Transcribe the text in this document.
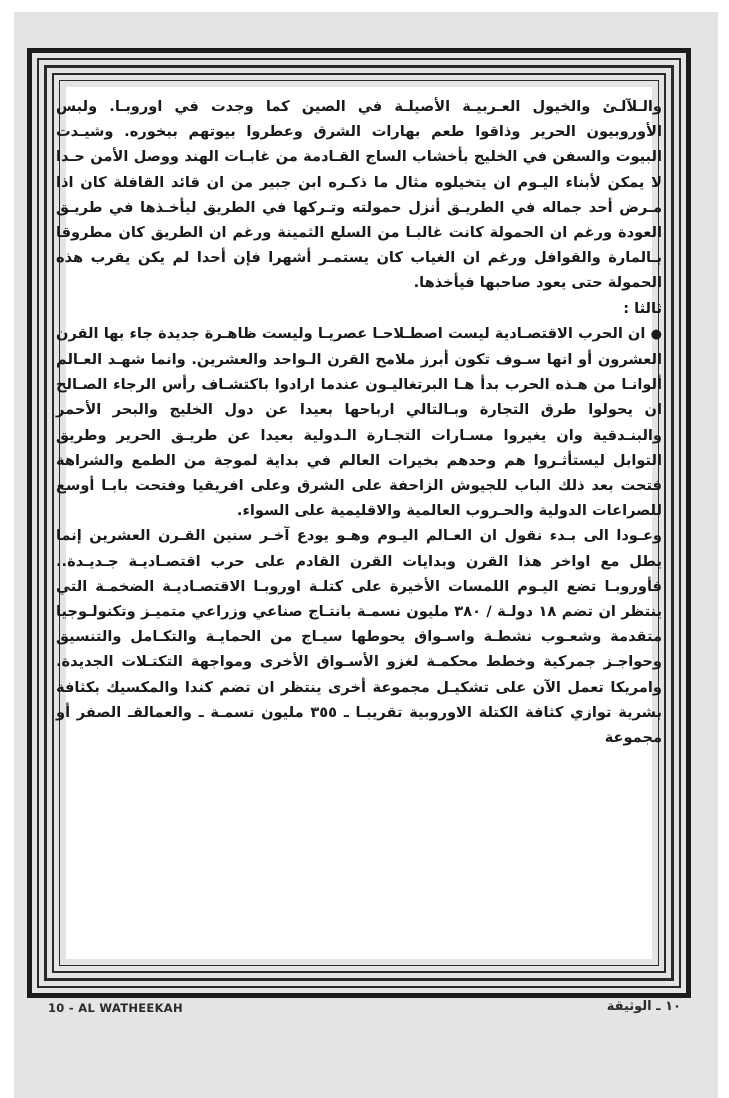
والـلآلـئ والخيول العـربيـة الأصيلـة في الصين كما وجدت في اوروبـا. ولبس الأوروبيون الحرير وذاقوا طعم بهارات الشرق وعطروا بيوتهم ببخوره. وشيـدت البيوت والسفن في الخليج بأخشاب الساج القـادمة من غابـات الهند ووصل الأمن حـدا لا يمكن لأبناء اليـوم ان يتخيلوه مثال ما ذكـره ابن جبير من ان قائد القافلة كان اذا مـرض أحد جماله في الطريـق أنزل حمولته وتـركها في الطريق ليأخـذها في طريـق العودة ورغم ان الحمولة كانت غالبـا من السلع الثمينة ورغم ان الطريق كان مطروقا بـالمارة والقوافل ورغم ان الغياب كان يستمـر أشهرا فإن أحدا لم يكن يقرب هذه الحمولة حتى يعود صاحبها فيأخذها.

ثالثا :

● ان الحرب الاقتصـادية ليست اصطـلاحـا عصريـا وليست ظاهـرة جديدة جاء بها القرن العشرون أو انها سـوف تكون أبرز ملامح القرن الـواحد والعشرين. وانما شهـد العـالم ألوانـا من هـذه الحرب بدأ هـا البرتغاليـون عندما ارادوا باكتشـاف رأس الرجاء الصـالح ان يحولوا طرق التجارة وبـالتالي ارباحها بعيدا عن دول الخليج والبحر الأحمر والبنـدقية وان يغيروا مسـارات التجـارة الـدولية بعيدا عن طريـق الحرير وطريق التوابل ليستأثـروا هم وحدهم بخيرات العالم في بداية لموجة من الطمع والشراهة فتحت بعد ذلك الباب للجيوش الزاحفة على الشرق وعلى افريقيا وفتحت بابـا أوسع للصراعات الدولية والحـروب العالمية والاقليمية على السواء.

وعـودا الى بـدء نقول ان العـالم اليـوم وهـو يودع آخـر سنين القـرن العشرين إنما يطل مع اواخر هذا القرن وبدايات القرن القادم على حرب اقتصـاديـة جـديـدة.. فأوروبـا تضع اليـوم اللمسات الأخيرة على كتلـة اوروبـا الاقتصـاديـة الضخمـة التي ينتظر ان تضم ١٨ دولـة / ٣٨٠ مليون نسمـة بانتـاج صناعي وزراعي متميـز وتكنولـوجيا متقدمة وشعـوب نشطـة واسـواق يحوطها سيـاج من الحمايـة والتكـامل والتنسيق وحواجـز جمركية وخطط محكمـة لغزو الأسـواق الأخرى ومواجهة التكتـلات الجديدة. وامريكا تعمل الآن على تشكيـل مجموعة أخرى ينتظر ان تضم كندا والمكسيك بكثافة بشرية توازي كثافة الكتلة الاوروبية تقريبـا ـ ٣٥٥ مليون نسمـة ـ والعمالقـ الصفر أو مجموعة

10 - AL WATHEEKAH	١٠ ـ الوثيقة
